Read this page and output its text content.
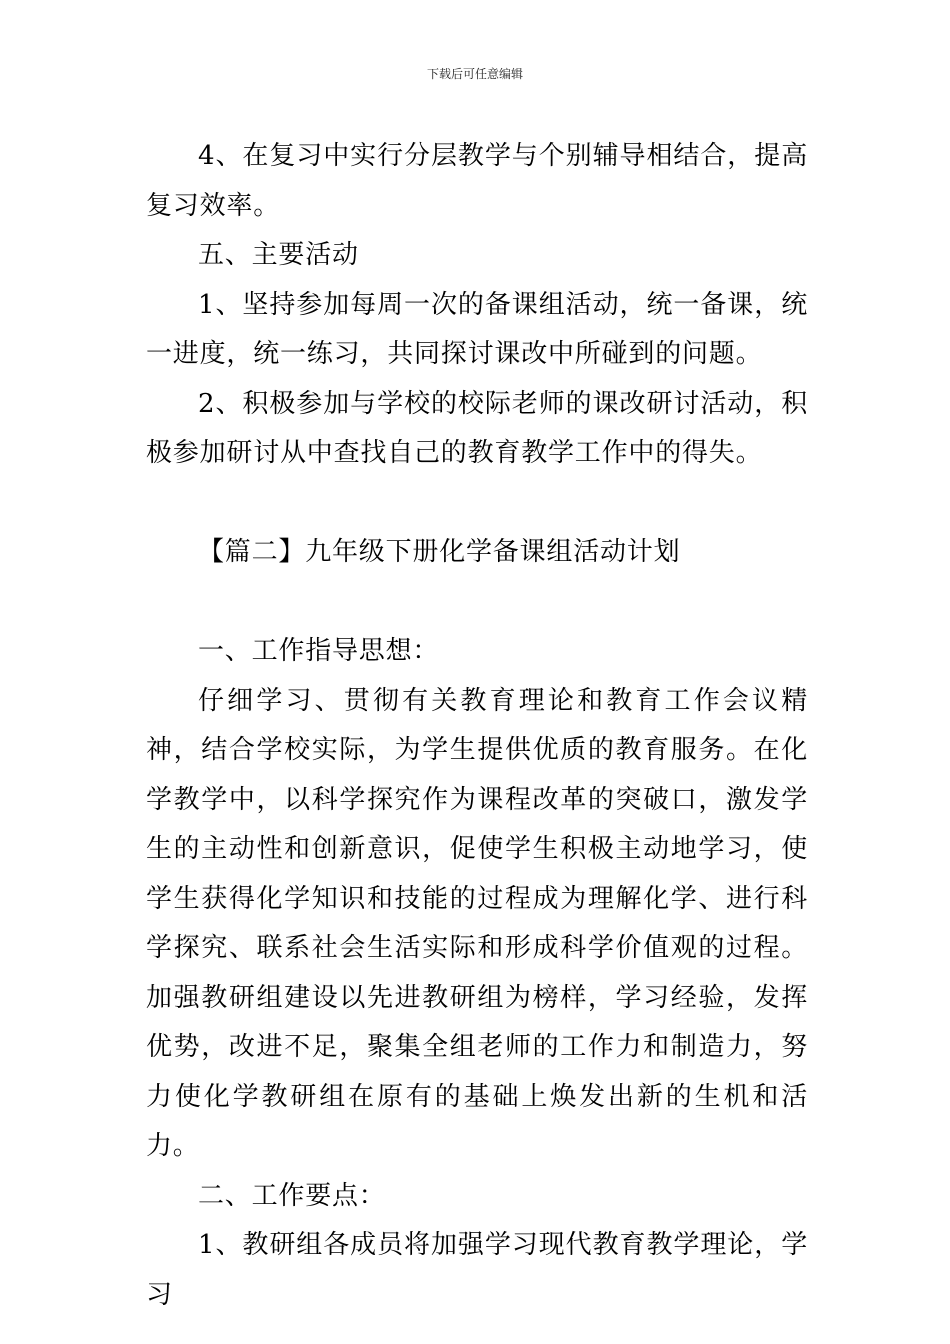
下载后可任意编辑

4、在复习中实行分层教学与个别辅导相结合，提高复习效率。

五、主要活动

1、坚持参加每周一次的备课组活动，统一备课，统一进度，统一练习，共同探讨课改中所碰到的问题。

2、积极参加与学校的校际老师的课改研讨活动，积极参加研讨从中查找自己的教育教学工作中的得失。

【篇二】九年级下册化学备课组活动计划

一、工作指导思想：

仔细学习、贯彻有关教育理论和教育工作会议精神，结合学校实际，为学生提供优质的教育服务。在化学教学中，以科学探究作为课程改革的突破口，激发学生的主动性和创新意识，促使学生积极主动地学习，使学生获得化学知识和技能的过程成为理解化学、进行科学探究、联系社会生活实际和形成科学价值观的过程。加强教研组建设以先进教研组为榜样，学习经验，发挥优势，改进不足，聚集全组老师的工作力和制造力，努力使化学教研组在原有的基础上焕发出新的生机和活力。

二、工作要点：

1、教研组各成员将加强学习现代教育教学理论，学习
